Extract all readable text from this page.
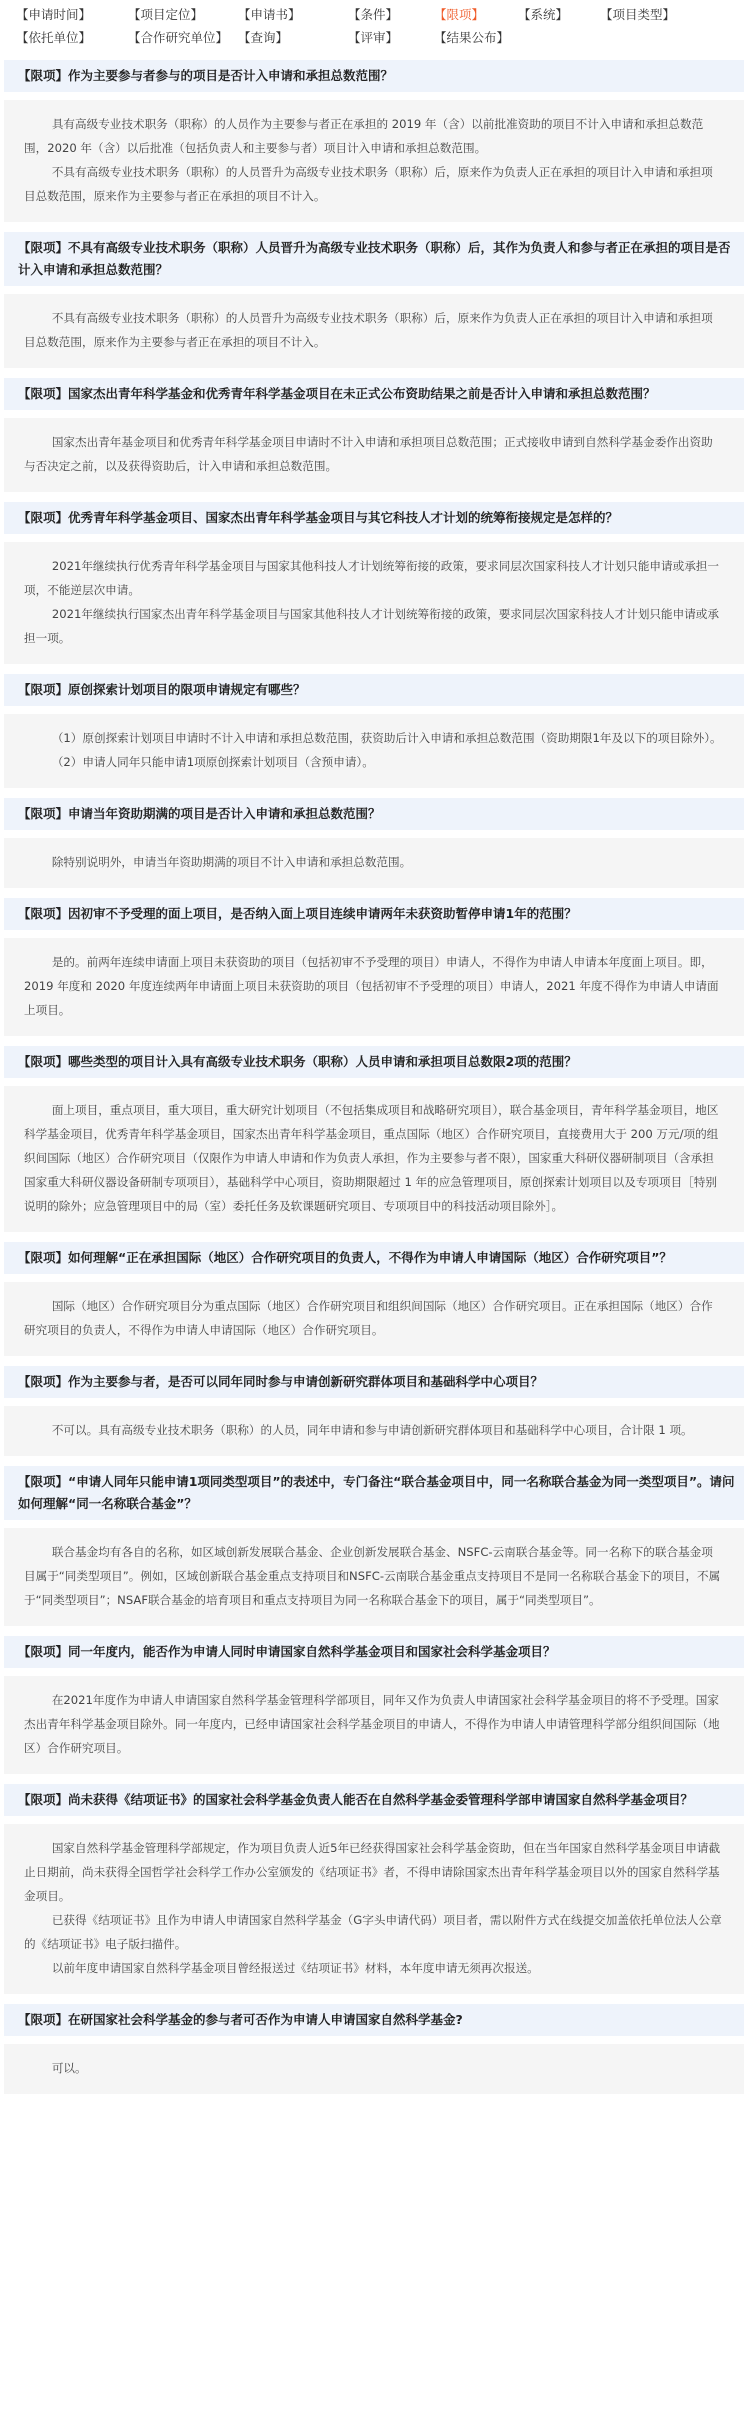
【申请时间】	【项目定位】	【申请书】	【条件】	【限项】	【系统】	【项目类型】
【依托单位】	【合作研究单位】 【查询】	【评审】	【结果公布】
【限项】作为主要参与者参与的项目是否计入申请和承担总数范围？

具有高级专业技术职务（职称）的人员作为主要参与者正在承担的 2019 年（含）以前批准资助的项目不计入申请和承担总数范围，2020 年（含）以后批准（包括负责人和主要参与者）项目计入申请和承担总数范围。

不具有高级专业技术职务（职称）的人员晋升为高级专业技术职务（职称）后，原来作为负责人正在承担的项目计入申请和承担项目总数范围，原来作为主要参与者正在承担的项目不计入。

【限项】不具有高级专业技术职务（职称）人员晋升为高级专业技术职务（职称）后，其作为负责人和参与者正在承担的项目是否计入申请和承担总数范围？

不具有高级专业技术职务（职称）的人员晋升为高级专业技术职务（职称）后，原来作为负责人正在承担的项目计入申请和承担项目总数范围，原来作为主要参与者正在承担的项目不计入。

【限项】国家杰出青年科学基金和优秀青年科学基金项目在未正式公布资助结果之前是否计入申请和承担总数范围？

国家杰出青年基金项目和优秀青年科学基金项目申请时不计入申请和承担项目总数范围；正式接收申请到自然科学基金委作出资助与否决定之前，以及获得资助后，计入申请和承担总数范围。

【限项】优秀青年科学基金项目、国家杰出青年科学基金项目与其它科技人才计划的统筹衔接规定是怎样的？

2021年继续执行优秀青年科学基金项目与国家其他科技人才计划统筹衔接的政策，要求同层次国家科技人才计划只能申请或承担一项，不能逆层次申请。

2021年继续执行国家杰出青年科学基金项目与国家其他科技人才计划统筹衔接的政策，要求同层次国家科技人才计划只能申请或承担一项。

【限项】原创探索计划项目的限项申请规定有哪些？

（1）原创探索计划项目申请时不计入申请和承担总数范围，获资助后计入申请和承担总数范围（资助期限1年及以下的项目除外）。

（2）申请人同年只能申请1项原创探索计划项目（含预申请）。

【限项】申请当年资助期满的项目是否计入申请和承担总数范围？

除特别说明外，申请当年资助期满的项目不计入申请和承担总数范围。

【限项】因初审不予受理的面上项目，是否纳入面上项目连续申请两年未获资助暂停申请1年的范围？

是的。前两年连续申请面上项目未获资助的项目（包括初审不予受理的项目）申请人，不得作为申请人申请本年度面上项目。即，2019 年度和 2020 年度连续两年申请面上项目未获资助的项目（包括初审不予受理的项目）申请人，2021 年度不得作为申请人申请面上项目。

【限项】哪些类型的项目计入具有高级专业技术职务（职称）人员申请和承担项目总数限2项的范围？

面上项目，重点项目，重大项目，重大研究计划项目（不包括集成项目和战略研究项目），联合基金项目，青年科学基金项目，地区科学基金项目，优秀青年科学基金项目，国家杰出青年科学基金项目，重点国际（地区）合作研究项目，直接费用大于 200 万元/项的组织间国际（地区）合作研究项目（仅限作为申请人申请和作为负责人承担，作为主要参与者不限），国家重大科研仪器研制项目（含承担国家重大科研仪器设备研制专项项目），基础科学中心项目，资助期限超过 1 年的应急管理项目，原创探索计划项目以及专项项目［特别说明的除外；应急管理项目中的局（室）委托任务及软课题研究项目、专项项目中的科技活动项目除外］。

【限项】如何理解“正在承担国际（地区）合作研究项目的负责人，不得作为申请人申请国际（地区）合作研究项目”？

国际（地区）合作研究项目分为重点国际（地区）合作研究项目和组织间国际（地区）合作研究项目。正在承担国际（地区）合作研究项目的负责人，不得作为申请人申请国际（地区）合作研究项目。

【限项】作为主要参与者，是否可以同年同时参与申请创新研究群体项目和基础科学中心项目？

不可以。具有高级专业技术职务（职称）的人员，同年申请和参与申请创新研究群体项目和基础科学中心项目，合计限 1 项。

【限项】“申请人同年只能申请1项同类型项目”的表述中，专门备注“联合基金项目中，同一名称联合基金为同一类型项目”。请问如何理解“同一名称联合基金”？

联合基金均有各自的名称，如区域创新发展联合基金、企业创新发展联合基金、NSFC-云南联合基金等。同一名称下的联合基金项目属于“同类型项目”。例如，区域创新联合基金重点支持项目和NSFC-云南联合基金重点支持项目不是同一名称联合基金下的项目，不属于“同类型项目”；NSAF联合基金的培育项目和重点支持项目为同一名称联合基金下的项目，属于“同类型项目”。

【限项】同一年度内，能否作为申请人同时申请国家自然科学基金项目和国家社会科学基金项目？

在2021年度作为申请人申请国家自然科学基金管理科学部项目，同年又作为负责人申请国家社会科学基金项目的将不予受理。国家杰出青年科学基金项目除外。同一年度内，已经申请国家社会科学基金项目的申请人，不得作为申请人申请管理科学部分组织间国际（地区）合作研究项目。

【限项】尚未获得《结项证书》的国家社会科学基金负责人能否在自然科学基金委管理科学部申请国家自然科学基金项目？

国家自然科学基金管理科学部规定，作为项目负责人近5年已经获得国家社会科学基金资助，但在当年国家自然科学基金项目申请截止日期前，尚未获得全国哲学社会科学工作办公室颁发的《结项证书》者，不得申请除国家杰出青年科学基金项目以外的国家自然科学基金项目。

已获得《结项证书》且作为申请人申请国家自然科学基金（G字头申请代码）项目者，需以附件方式在线提交加盖依托单位法人公章的《结项证书》电子版扫描件。

以前年度申请国家自然科学基金项目曾经报送过《结项证书》材料，本年度申请无须再次报送。

【限项】在研国家社会科学基金的参与者可否作为申请人申请国家自然科学基金?

可以。
